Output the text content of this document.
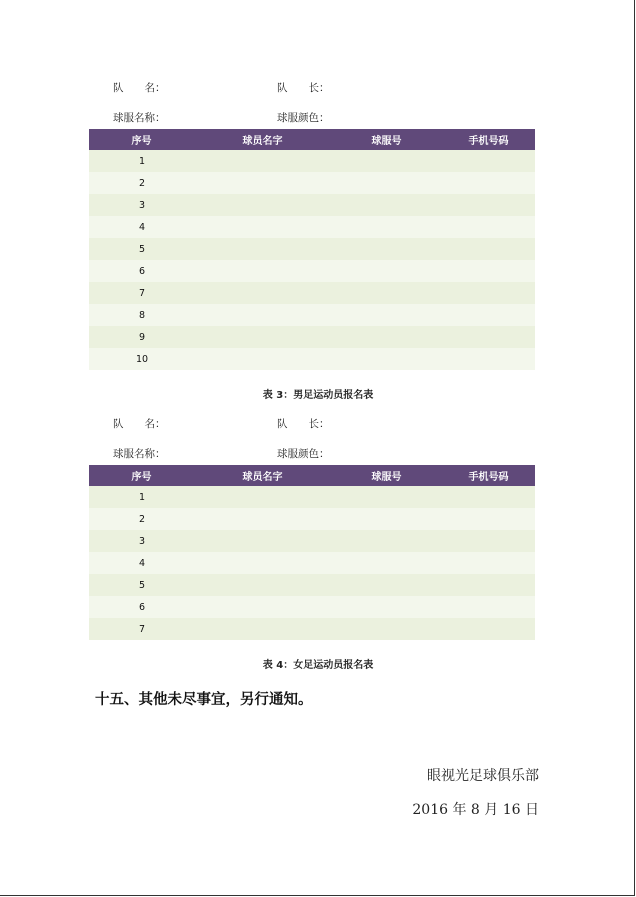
队　　名：	队　　长：
球服名称：	球服颜色：
序号	球员名字	球服号	手机号码
1			
2			
3			
4			
5			
6			
7			
8			
9			
10			
表 3：男足运动员报名表
队　　名：	队　　长：
球服名称：	球服颜色：
序号	球员名字	球服号	手机号码
1			
2			
3			
4			
5			
6			
7			
表 4：女足运动员报名表
十五、其他未尽事宜，另行通知。
眼视光足球俱乐部
2016 年 8 月 16 日
